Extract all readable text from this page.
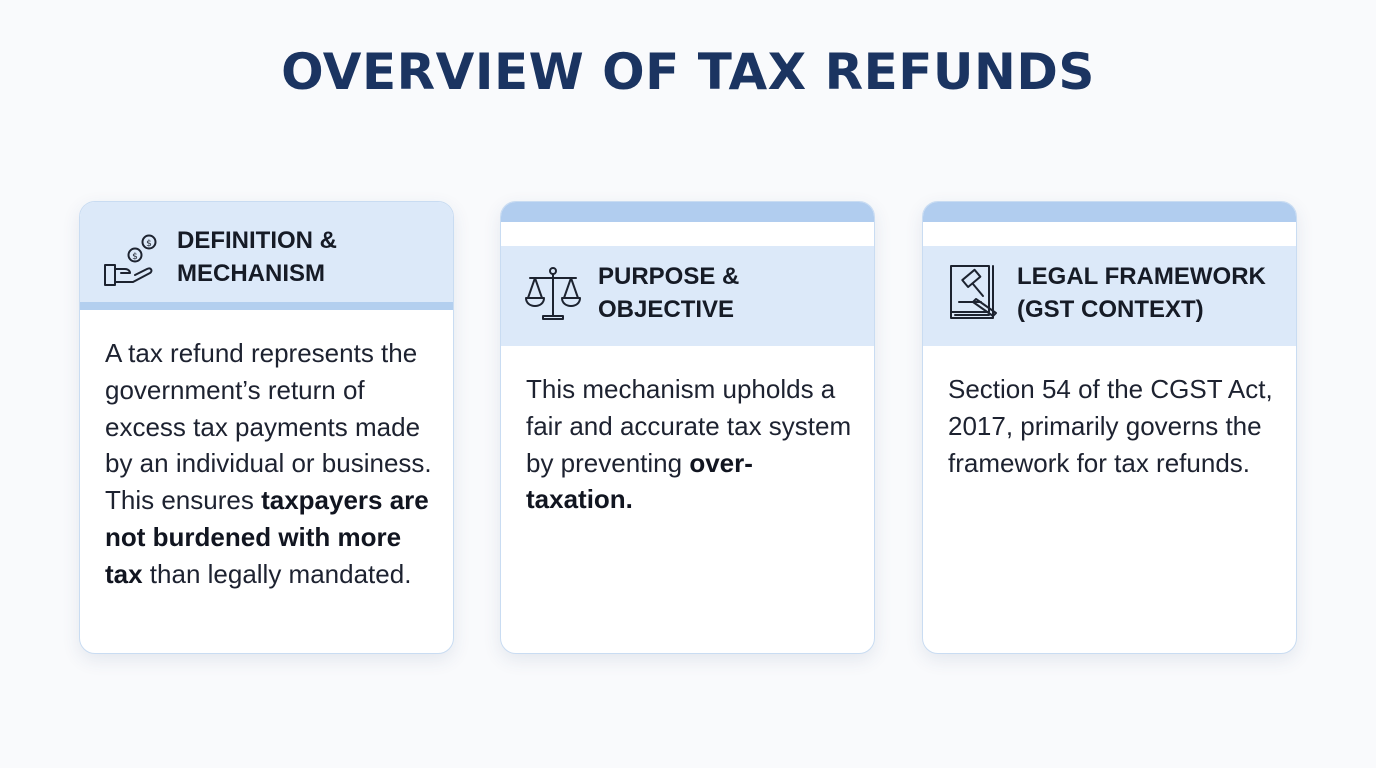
OVERVIEW OF TAX REFUNDS
$
$
DEFINITION &
MECHANISM
A tax refund represents the government’s return of excess tax payments made by an individual or business. This ensures taxpayers are not burdened with more tax than legally mandated.
PURPOSE &
OBJECTIVE
This mechanism upholds a fair and accurate tax system by preventing over-taxation.
LEGAL FRAMEWORK
(GST CONTEXT)
Section 54 of the CGST Act, 2017, primarily governs the framework for tax refunds.
